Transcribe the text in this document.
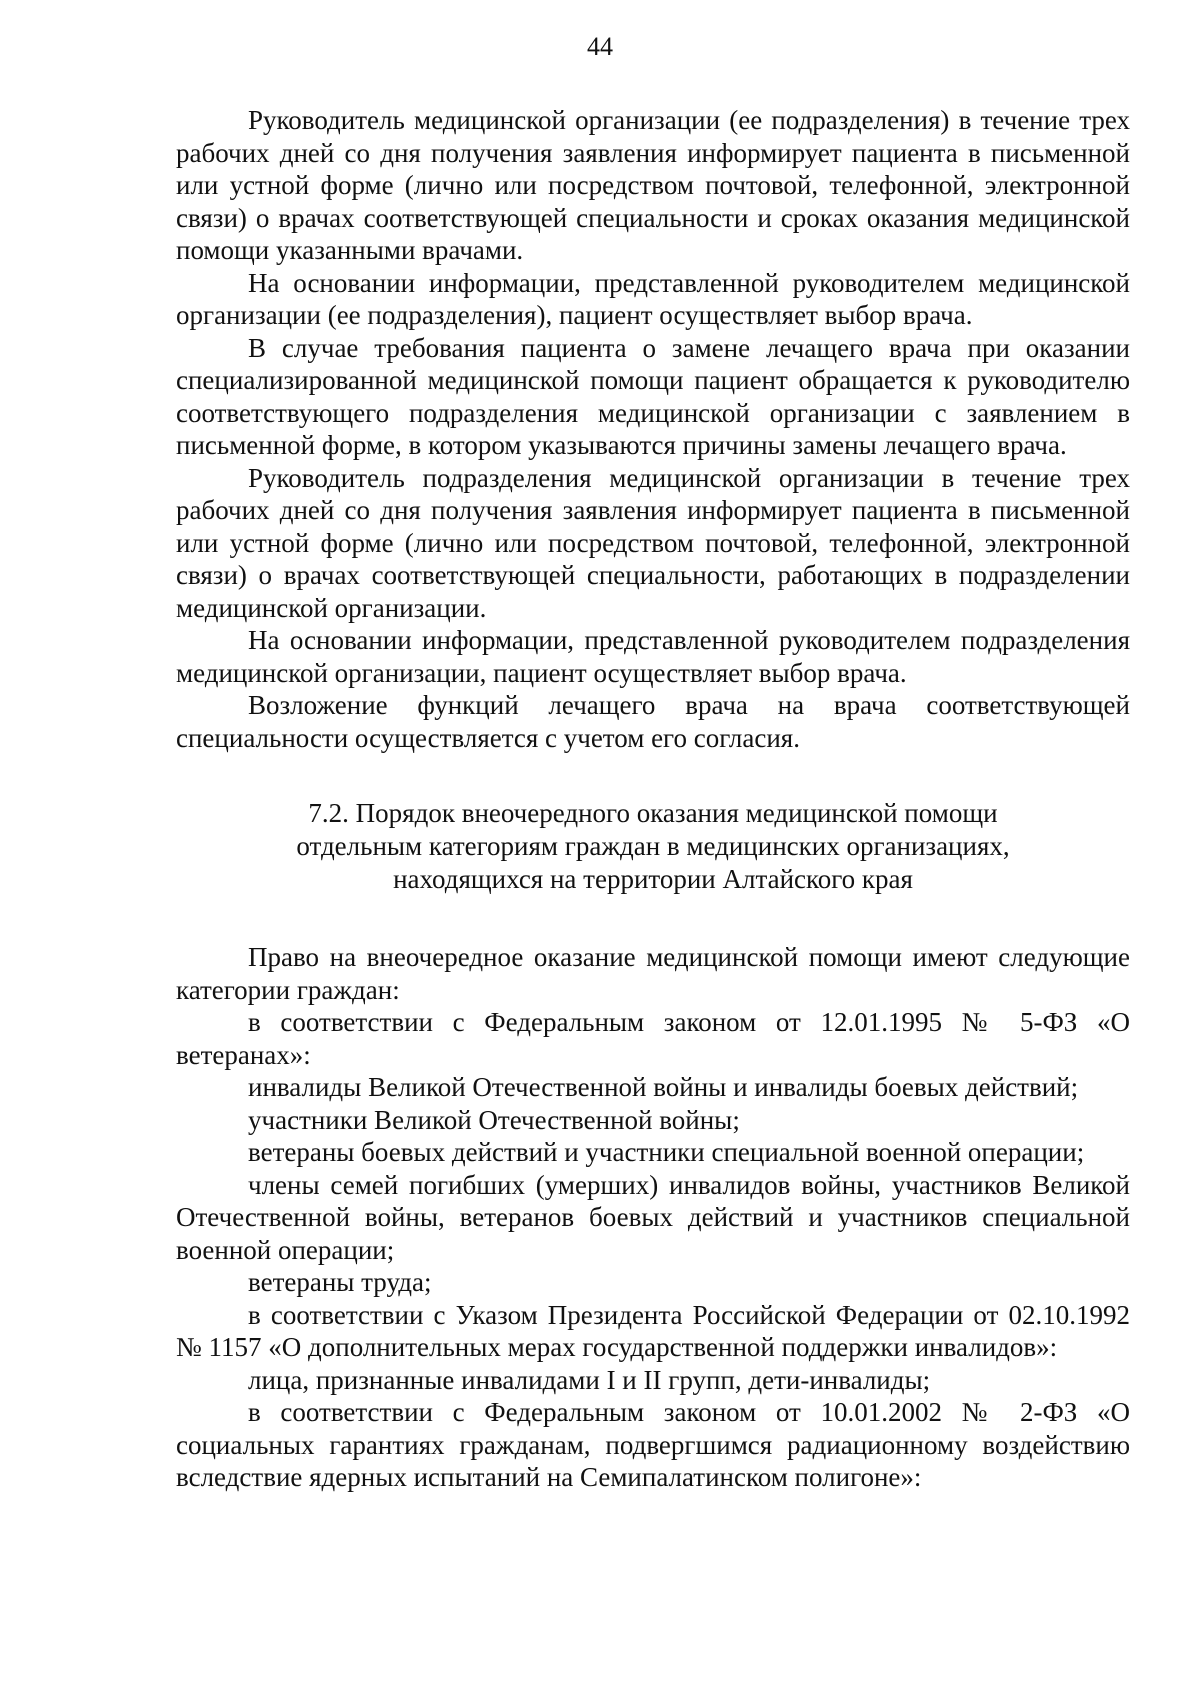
44

Руководитель медицинской организации (ее подразделения) в течение трех рабочих дней со дня получения заявления информирует пациента в письменной или устной форме (лично или посредством почтовой, телефонной, электронной связи) о врачах соответствующей специальности и сроках оказания медицинской помощи указанными врачами.

На основании информации, представленной руководителем медицинской организации (ее подразделения), пациент осуществляет выбор врача.

В случае требования пациента о замене лечащего врача при оказании специализированной медицинской помощи пациент обращается к руководителю соответствующего подразделения медицинской организации с заявлением в письменной форме, в котором указываются причины замены лечащего врача.

Руководитель подразделения медицинской организации в течение трех рабочих дней со дня получения заявления информирует пациента в письменной или устной форме (лично или посредством почтовой, телефонной, электронной связи) о врачах соответствующей специальности, работающих в подразделении медицинской организации.

На основании информации, представленной руководителем подразделения медицинской организации, пациент осуществляет выбор врача.

Возложение функций лечащего врача на врача соответствующей специальности осуществляется с учетом его согласия.

7.2. Порядок внеочередного оказания медицинской помощи
отдельным категориям граждан в медицинских организациях,
находящихся на территории Алтайского края

Право на внеочередное оказание медицинской помощи имеют следующие категории граждан:

в соответствии с Федеральным законом от 12.01.1995 № 5-ФЗ «О ветеранах»:

инвалиды Великой Отечественной войны и инвалиды боевых действий;

участники Великой Отечественной войны;

ветераны боевых действий и участники специальной военной операции;

члены семей погибших (умерших) инвалидов войны, участников Великой Отечественной войны, ветеранов боевых действий и участников специальной военной операции;

ветераны труда;

в соответствии с Указом Президента Российской Федерации от 02.10.1992 № 1157 «О дополнительных мерах государственной поддержки инвалидов»:

лица, признанные инвалидами I и II групп, дети-инвалиды;

в соответствии с Федеральным законом от 10.01.2002 № 2-ФЗ «О социальных гарантиях гражданам, подвергшимся радиационному воздействию вследствие ядерных испытаний на Семипалатинском полигоне»:
